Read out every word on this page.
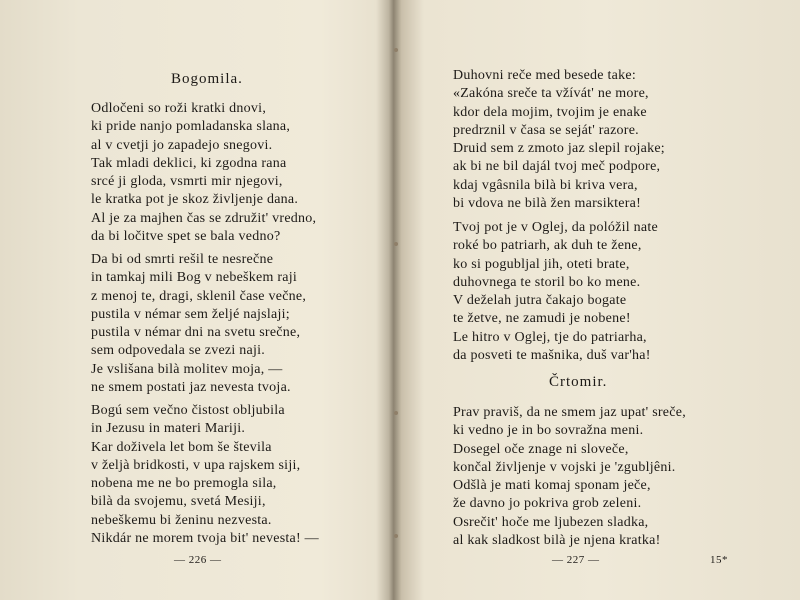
Bogomila.
Odločeni so roži kratki dnovi,
ki pride nanjo pomladanska slana,
al v cvetji jo zapadejo snegovi.
Tak mladi deklici, ki zgodna rana
srcé ji gloda, vsmrti mir njegovi,
le kratka pot je skoz življenje dana.
Al je za majhen čas se združit' vredno,
da bi ločitve spet se bala vedno?
Da bi od smrti rešil te nesrečne
in tamkaj mili Bog v nebeškem raji
z menoj te, dragi, sklenil čase večne,
pustila v némar sem željé najslaji;
pustila v némar dni na svetu srečne,
sem odpovedala se zvezi naji.
Je vslišana bilà molitev moja, —
ne smem postati jaz nevesta tvoja.
Bogú sem večno čistost obljubila
in Jezusu in materi Mariji.
Kar doživela let bom še števila
v željà bridkosti, v upa rajskem siji,
nobena me ne bo premogla sila,
bilà da svojemu, svetá Mesiji,
nebeškemu bi ženinu nezvesta.
Nikdár ne morem tvoja bit' nevesta! —
— 226 —
Duhovni reče med besede take:
«Zakóna sreče ta vžívát' ne more,
kdor dela mojim, tvojim je enake
predrznil v časa se seját' razore.
Druid sem z zmoto jaz slepil rojake;
ak bi ne bil dajál tvoj meč podpore,
kdaj vgâsnila bilà bi kriva vera,
bi vdova ne bilà žen marsiktera!
Tvoj pot je v Oglej, da polóžil nate
roké bo patriarh, ak duh te žene,
ko si pogubljal jih, oteti brate,
duhovnega te storil bo ko mene.
V deželah jutra čakajo bogate
te žetve, ne zamudi je nobene!
Le hitro v Oglej, tje do patriarha,
da posveti te mašnika, duš var'ha!
Črtomir.
Prav praviš, da ne smem jaz upat' sreče,
ki vedno je in bo sovražna meni.
Dosegel oče znage ni sloveče,
končal življenje v vojski je 'zgubljêni.
Odšlà je mati komaj sponam ječe,
že davno jo pokriva grob zeleni.
Osrečit' hoče me ljubezen sladka,
al kak sladkost bilà je njena kratka!
— 227 —	15*
